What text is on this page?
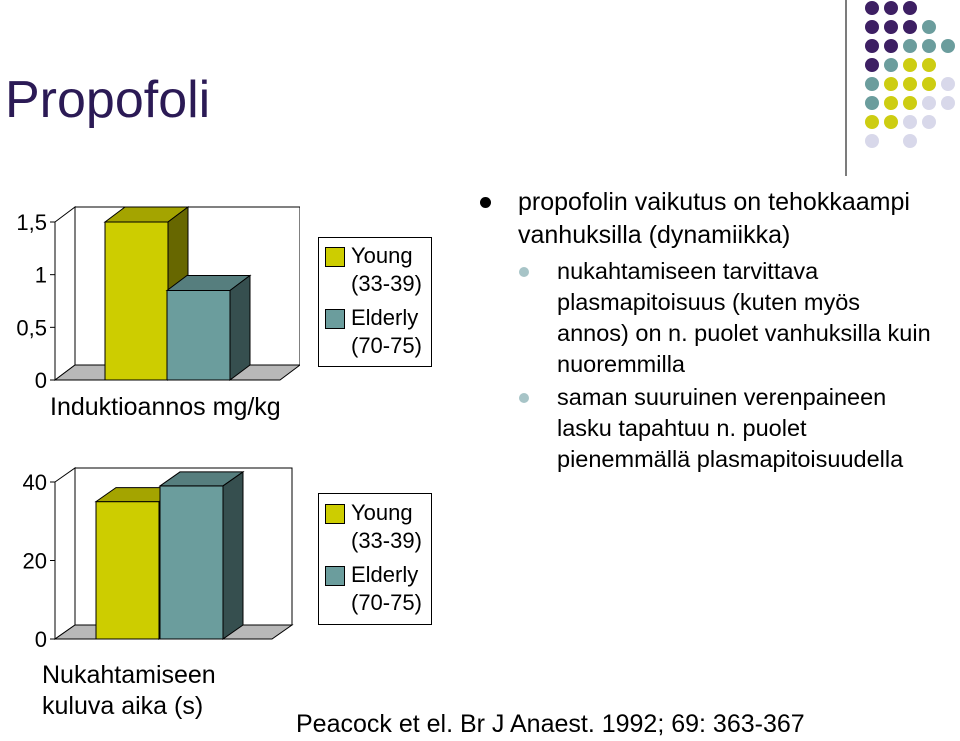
Propofoli
1,5
1
0,5
0
Induktioannos mg/kg
Young
(33-39)
Elderly
(70-75)
40
20
0
Nukahtamiseen
kuluva aika (s)
Young
(33-39)
Elderly
(70-75)
propofolin vaikutus on tehokkaampi vanhuksilla (dynamiikka)
nukahtamiseen tarvittava plasmapitoisuus (kuten myös annos) on n. puolet vanhuksilla kuin nuoremmilla
saman suuruinen verenpaineen lasku tapahtuu n. puolet pienemmällä plasmapitoisuudella
Peacock et el. Br J Anaest. 1992; 69: 363-367
